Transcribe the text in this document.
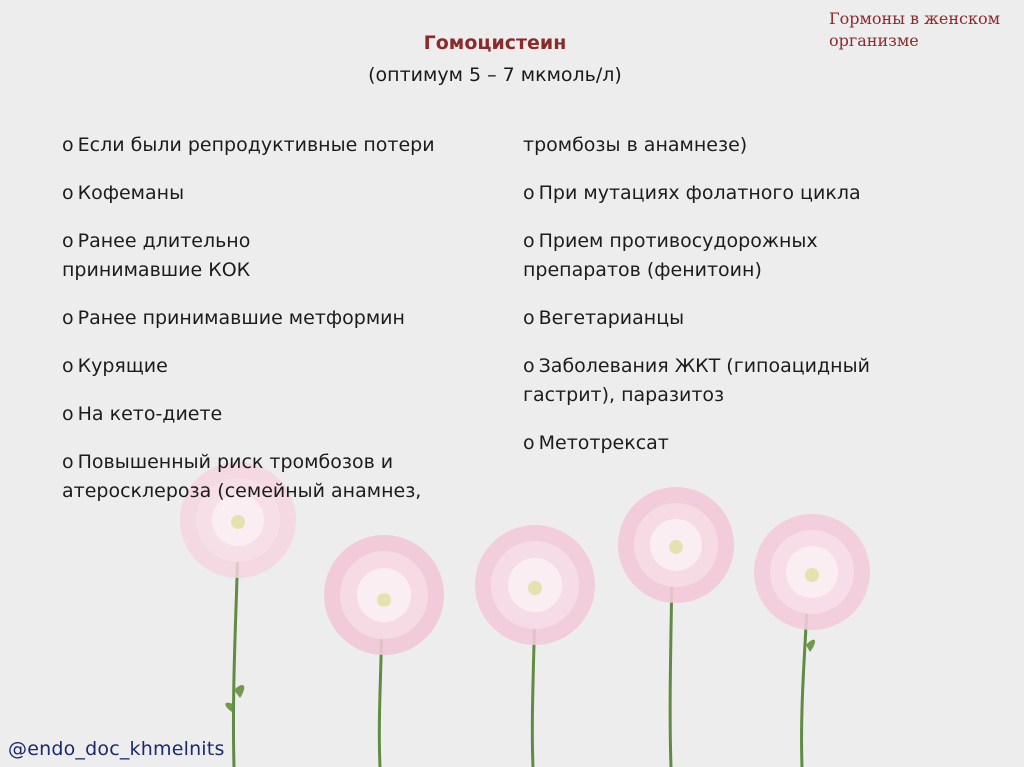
Гормоны в женском организме
Гомоцистеин
(оптимум 5 – 7 мкмоль/л)
o Если были репродуктивные потери
o Кофеманы
o Ранее длительно принимавшие КОК
o Ранее принимавшие метформин
o Курящие
o На кето-диете
o Повышенный риск тромбозов и атеросклероза (семейный анамнез,
тромбозы в анамнезе)
o При мутациях фолатного цикла
o Прием противосудорожных препаратов (фенитоин)
o Вегетарианцы
o Заболевания ЖКТ (гипоацидный гастрит), паразитоз
o Метотрексат
@endo_doc_khmelnits
